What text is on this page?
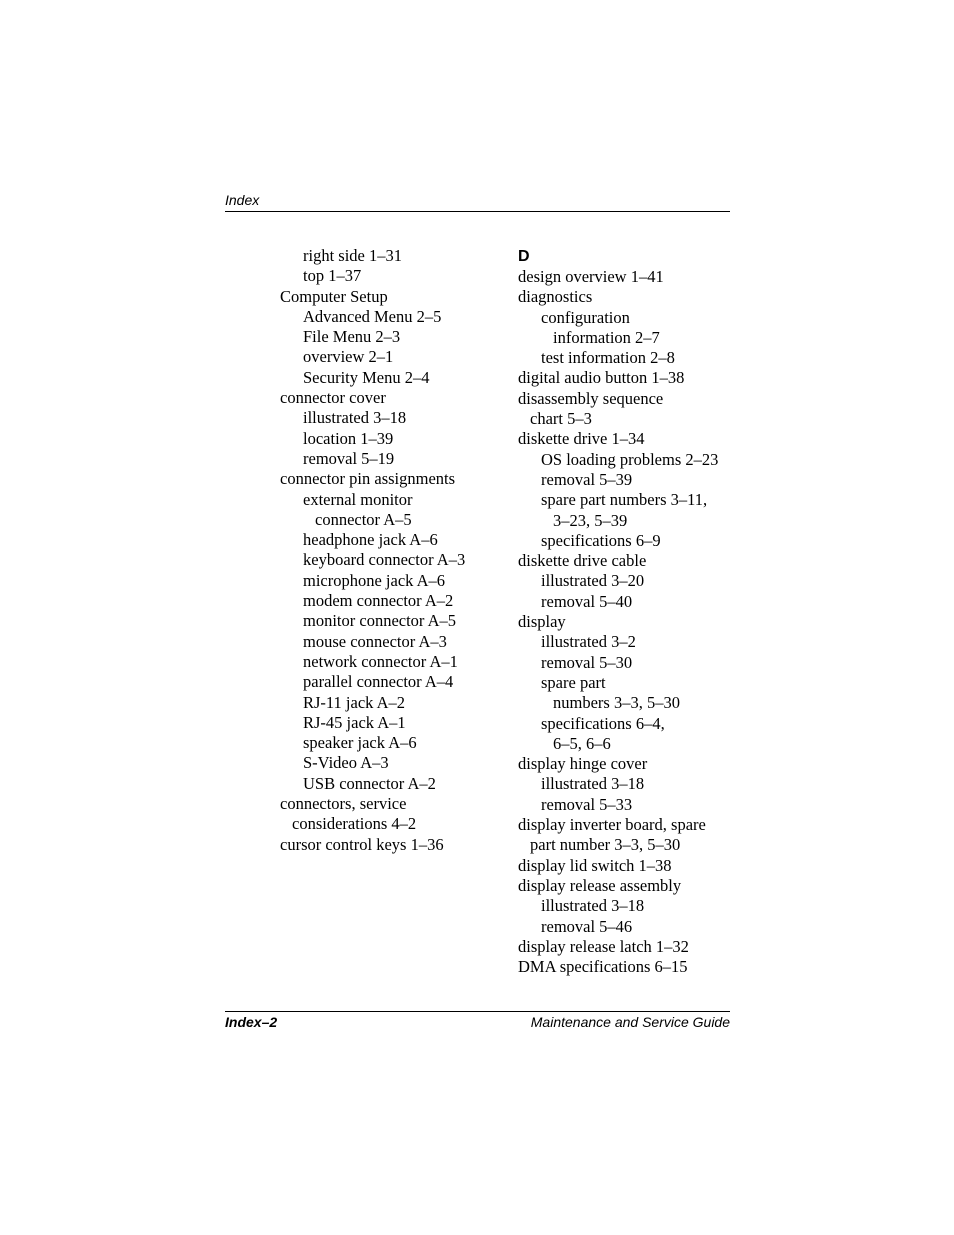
Index
right side 1–31
top 1–37
Computer Setup
Advanced Menu 2–5
File Menu 2–3
overview 2–1
Security Menu 2–4
connector cover
illustrated 3–18
location 1–39
removal 5–19
connector pin assignments
external monitor
connector A–5
headphone jack A–6
keyboard connector A–3
microphone jack A–6
modem connector A–2
monitor connector A–5
mouse connector A–3
network connector A–1
parallel connector A–4
RJ-11 jack A–2
RJ-45 jack A–1
speaker jack A–6
S-Video A–3
USB connector A–2
connectors, service
considerations 4–2
cursor control keys 1–36
D
design overview 1–41
diagnostics
configuration
information 2–7
test information 2–8
digital audio button 1–38
disassembly sequence
chart 5–3
diskette drive 1–34
OS loading problems 2–23
removal 5–39
spare part numbers 3–11,
3–23, 5–39
specifications 6–9
diskette drive cable
illustrated 3–20
removal 5–40
display
illustrated 3–2
removal 5–30
spare part
numbers 3–3, 5–30
specifications 6–4,
6–5, 6–6
display hinge cover
illustrated 3–18
removal 5–33
display inverter board, spare
part number 3–3, 5–30
display lid switch 1–38
display release assembly
illustrated 3–18
removal 5–46
display release latch 1–32
DMA specifications 6–15
Index–2	Maintenance and Service Guide
